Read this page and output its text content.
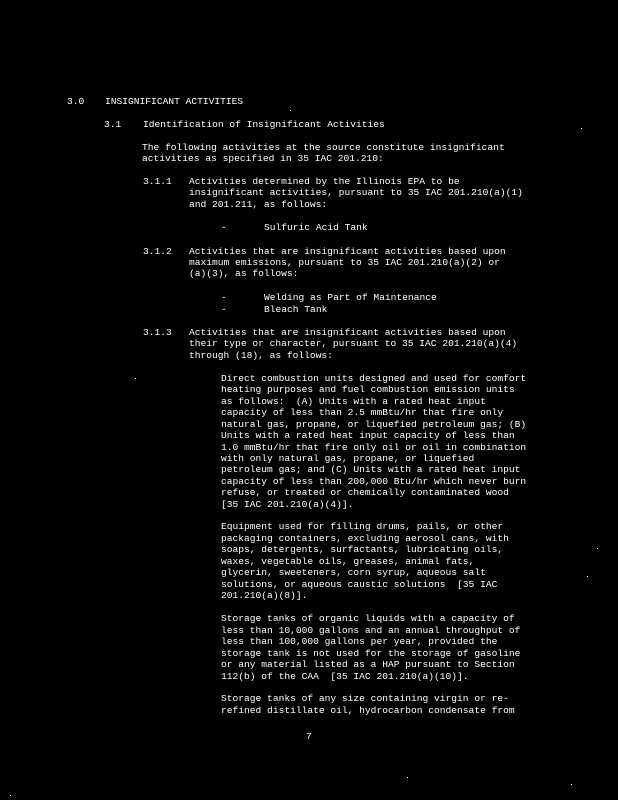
3.0 INSIGNIFICANT ACTIVITIES
3.1 Identification of Insignificant Activities
The following activities at the source constitute insignificant
activities as specified in 35 IAC 201.210:
3.1.1 Activities determined by the Illinois EPA to be
insignificant activities, pursuant to 35 IAC 201.210(a)(1)
and 201.211, as follows:
-	Sulfuric Acid Tank
3.1.2 Activities that are insignificant activities based upon
maximum emissions, pursuant to 35 IAC 201.210(a)(2) or
(a)(3), as follows:
-	Welding as Part of Maintenance
-	Bleach Tank
3.1.3 Activities that are insignificant activities based upon
their type or character, pursuant to 35 IAC 201.210(a)(4)
through (18), as follows:
Direct combustion units designed and used for comfort
heating purposes and fuel combustion emission units
as follows:  (A) Units with a rated heat input
capacity of less than 2.5 mmBtu/hr that fire only
natural gas, propane, or liquefied petroleum gas; (B)
Units with a rated heat input capacity of less than
1.0 mmBtu/hr that fire only oil or oil in combination
with only natural gas, propane, or liquefied
petroleum gas; and (C) Units with a rated heat input
capacity of less than 200,000 Btu/hr which never burn
refuse, or treated or chemically contaminated wood
[35 IAC 201.210(a)(4)].
Equipment used for filling drums, pails, or other
packaging containers, excluding aerosol cans, with
soaps, detergents, surfactants, lubricating oils,
waxes, vegetable oils, greases, animal fats,
glycerin, sweeteners, corn syrup, aqueous salt
solutions, or aqueous caustic solutions  [35 IAC
201.210(a)(8)].
Storage tanks of organic liquids with a capacity of
less than 10,000 gallons and an annual throughput of
less than 100,000 gallons per year, provided the
storage tank is not used for the storage of gasoline
or any material listed as a HAP pursuant to Section
112(b) of the CAA  [35 IAC 201.210(a)(10)].
Storage tanks of any size containing virgin or re-
refined distillate oil, hydrocarbon condensate from
7
